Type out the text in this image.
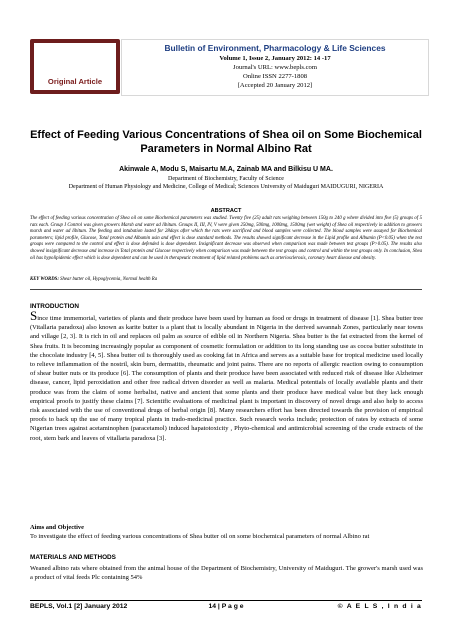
Original Article
Bulletin of Environment, Pharmacology & Life Sciences
Volume 1, Issue 2, January 2012: 14 -17
Journal's URL: www.bepls.com
Online ISSN 2277-1808
[Accepted 20 January 2012]
Effect of Feeding Various Concentrations of Shea oil on Some Biochemical Parameters in Normal Albino Rat
Akinwale A, Modu S, Maisartu M.A, Zainab MA and Bilkisu U MA.
Department of Biochemistry, Faculty of Science
Department of Human Physiology and Medicine, College of Medical; Sciences University of Maiduguri MAIDUGURI, NIGERIA
ABSTRACT
The effect of feeding various concentration of Shea oil on some Biochemical parameters was studied. Twenty five (25) adult rats weighing between 150g to 240 g where divided into five (5) groups of 5 rats each. Group I Control was given growers Marsh and water ad libitum. Groups II, III, IV, V were given 250mg, 500mg, 1000mg, 1500mg (wet weight) of Shea oil respectively in addition to growers marsh and water ad libitum. The feeding and intubation lasted for 28days after which the rats were sacrificed and blood samples were collected. The blood samples were assayed for Biochemical parameters; lipid profile, Glucose, Total protein and Albumin usin and effect is dose standard methods. The results showed significant decrease in the Lipid profile and Albumin (P<0.05) when the test groups were compared to the control and effect is dose defended is dose dependent. Insignificant decrease was observed when comparison was made between test groups (P>0.05). The results also showed insignificant decrease and increase in Total protein and Glucose respectively when comparison was made between the test groups and control and within the test groups only. In conclusion, Shea oil has hypolipidemic effect which is dose dependent and can be used in therapeutic treatment of lipid related problems such as arteriosclerosis, coronary heart disease and obesity.
KEY WORDS: Shear butter oil, Hypoglycemia, Normal health Ra
INTRODUCTION
Since time immemorial, varieties of plants and their produce have been used by human as food or drugs in treatment of disease [1]. Shea butter tree (Vitallaria paradoxa) also known as karite butter is a plant that is locally abundant in Nigeria in the derived savannah Zones, particularly near towns and village [2, 3]. It is rich in oil and replaces oil palm as source of edible oil in Northern Nigeria. Shea butter is the fat extracted from the kernel of Shea fruits. It is becoming increasingly popular as component of cosmetic formulation or addition to its long standing use as cocoa butter substitute in the chocolate industry [4, 5]. Shea butter oil is thoroughly used as cooking fat in Africa and serves as a suitable base for tropical medicine used locally to relieve inflammation of the nostril, skin burn, dermatitis, rheumatic and joint pains. There are no reports of allergic reaction owing to consumption of shear butter nuts or its produce [6]. The consumption of plants and their produce have been associated with reduced risk of disease like Alzheimer disease, cancer, lipid peroxidation and other free radical driven disorder as well as malaria. Medical potentials of locally available plants and their produce was from the claim of some herbalist, native and ancient that some plants and their produce have medical value but they lack enough empirical proofs to justify these claims [7]. Scientific evaluations of medicinal plant is important in discovery of novel drugs and also help to access risk associated with the use of conventional drugs of herbal origin [8]. Many researchers effort has been directed towards the provision of empirical proofs to back up the use of many tropical plants in trado-medicinal practice. Such research works include; protection of rates by extracts of some Nigerian trees against acetaminophen (paracetamol) induced hapatotoxicity , Phyto-chemical and antimicrobial screening of the crude extracts of the root, stem bark and leaves of vitallaria paradoxa [3].
Aims and Objective
To investigate the effect of feeding various concentrations of Shea butter oil on some biochemical parameters of normal Albino rat
MATERIALS AND METHODS
Weaned albino rats where obtained from the animal house of the Department of Biochemistry, University of Maiduguri. The grower's marsh used was a product of vital feeds Plc containing 54%
BEPLS, Vol.1 [2] January 2012	14 | P a g e	© A E L S , I n d i a
